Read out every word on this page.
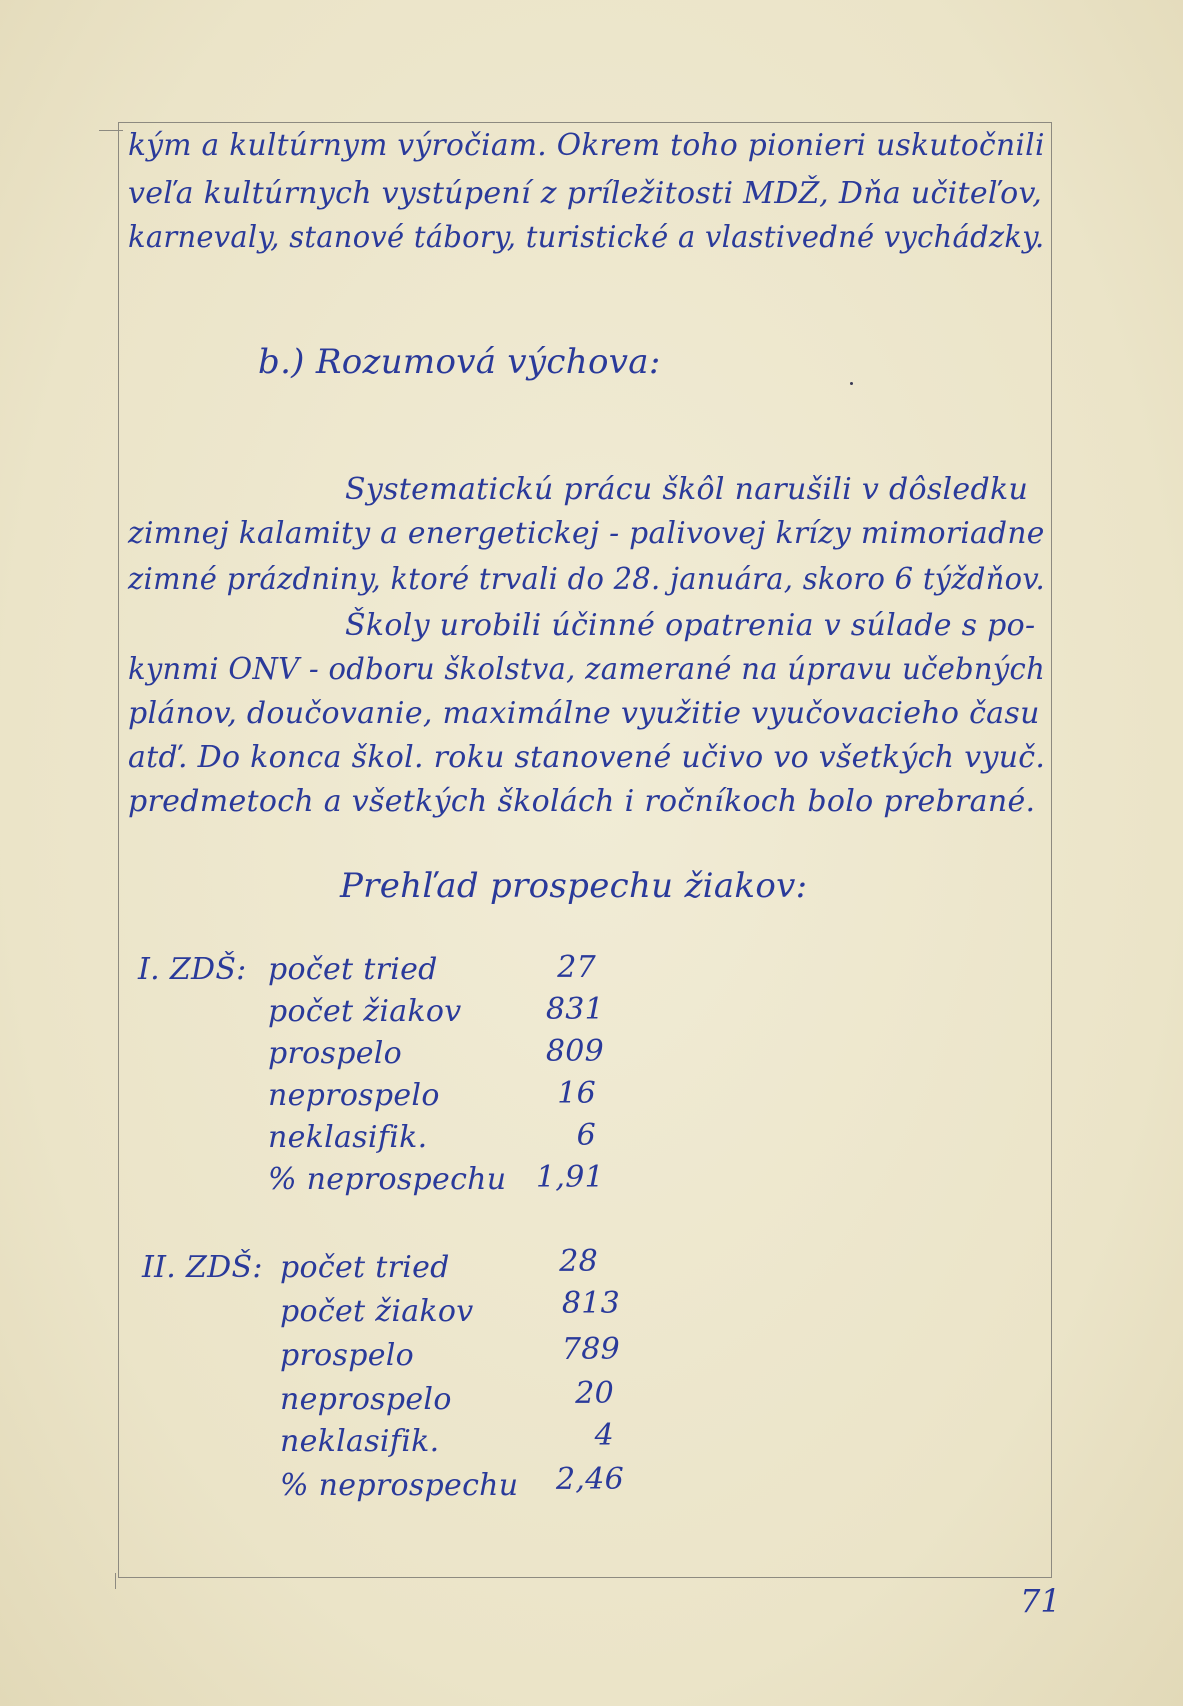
kým a kultúrnym výročiam. Okrem toho pionieri uskutočnili
veľa kultúrnych vystúpení z príležitosti MDŽ, Dňa učiteľov,
karnevaly, stanové tábory, turistické a vlastivedné vychádzky.
b.) Rozumová výchova:
Systematickú prácu škôl narušili v dôsledku
zimnej kalamity a energetickej - palivovej krízy mimoriadne
zimné prázdniny, ktoré trvali do 28. januára, skoro 6 týždňov.
Školy urobili účinné opatrenia v súlade s po-
kynmi ONV - odboru školstva, zamerané na úpravu učebných
plánov, doučovanie, maximálne využitie vyučovacieho času
atď. Do konca škol. roku stanovené učivo vo všetkých vyuč.
predmetoch a všetkých školách i ročníkoch bolo prebrané.
Prehľad prospechu žiakov:
I. ZDŠ: počet tried	27
počet žiakov	831
prospelo	809
neprospelo	16
neklasifik.	6
% neprospechu 1,91
II. ZDŠ: počet tried	28
počet žiakov	813
prospelo	789
neprospelo	20
neklasifik.	4
% neprospechu	2,46
71
